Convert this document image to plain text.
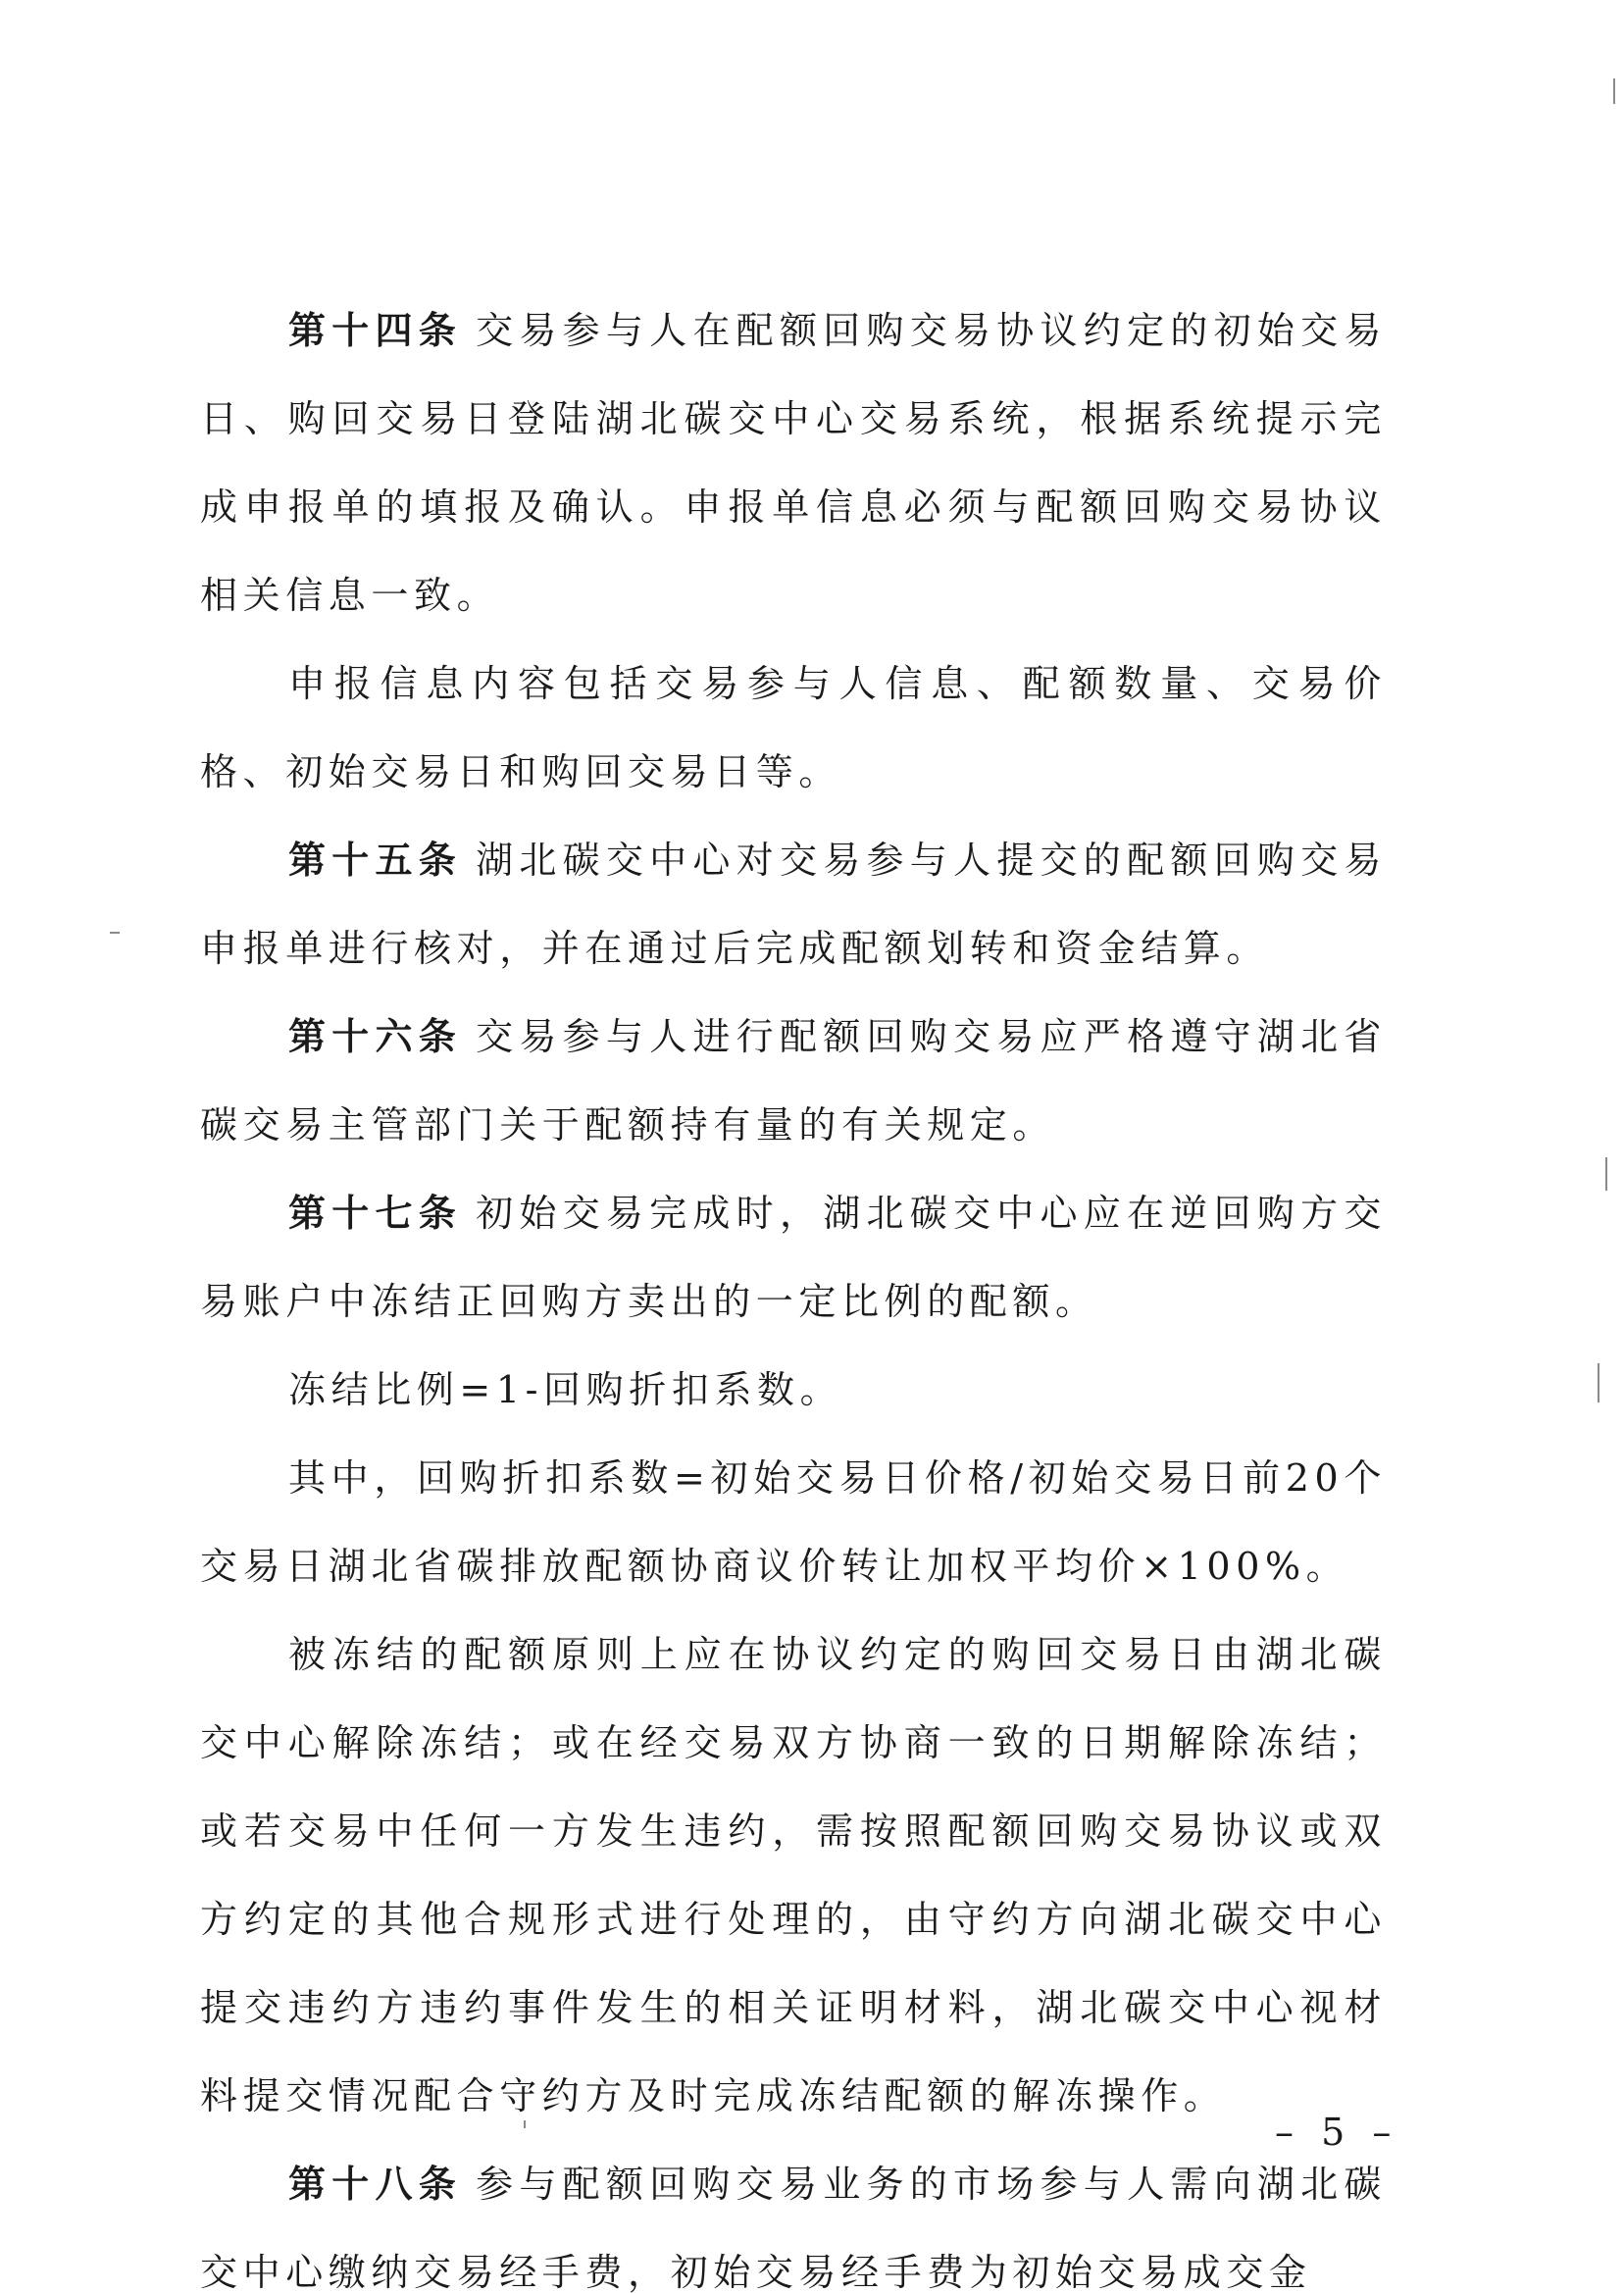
第十四条 交易参与人在配额回购交易协议约定的初始交易日、购回交易日登陆湖北碳交中心交易系统，根据系统提示完成申报单的填报及确认。申报单信息必须与配额回购交易协议相关信息一致。

申报信息内容包括交易参与人信息、配额数量、交易价格、初始交易日和购回交易日等。

第十五条 湖北碳交中心对交易参与人提交的配额回购交易申报单进行核对，并在通过后完成配额划转和资金结算。

第十六条 交易参与人进行配额回购交易应严格遵守湖北省碳交易主管部门关于配额持有量的有关规定。

第十七条 初始交易完成时，湖北碳交中心应在逆回购方交易账户中冻结正回购方卖出的一定比例的配额。

冻结比例=1-回购折扣系数。

其中，回购折扣系数=初始交易日价格/初始交易日前20个交易日湖北省碳排放配额协商议价转让加权平均价×100%。

被冻结的配额原则上应在协议约定的购回交易日由湖北碳交中心解除冻结；或在经交易双方协商一致的日期解除冻结；或若交易中任何一方发生违约，需按照配额回购交易协议或双方约定的其他合规形式进行处理的，由守约方向湖北碳交中心提交违约方违约事件发生的相关证明材料，湖北碳交中心视材料提交情况配合守约方及时完成冻结配额的解冻操作。

第十八条 参与配额回购交易业务的市场参与人需向湖北碳交中心缴纳交易经手费，初始交易经手费为初始交易成交金

– 5 –
